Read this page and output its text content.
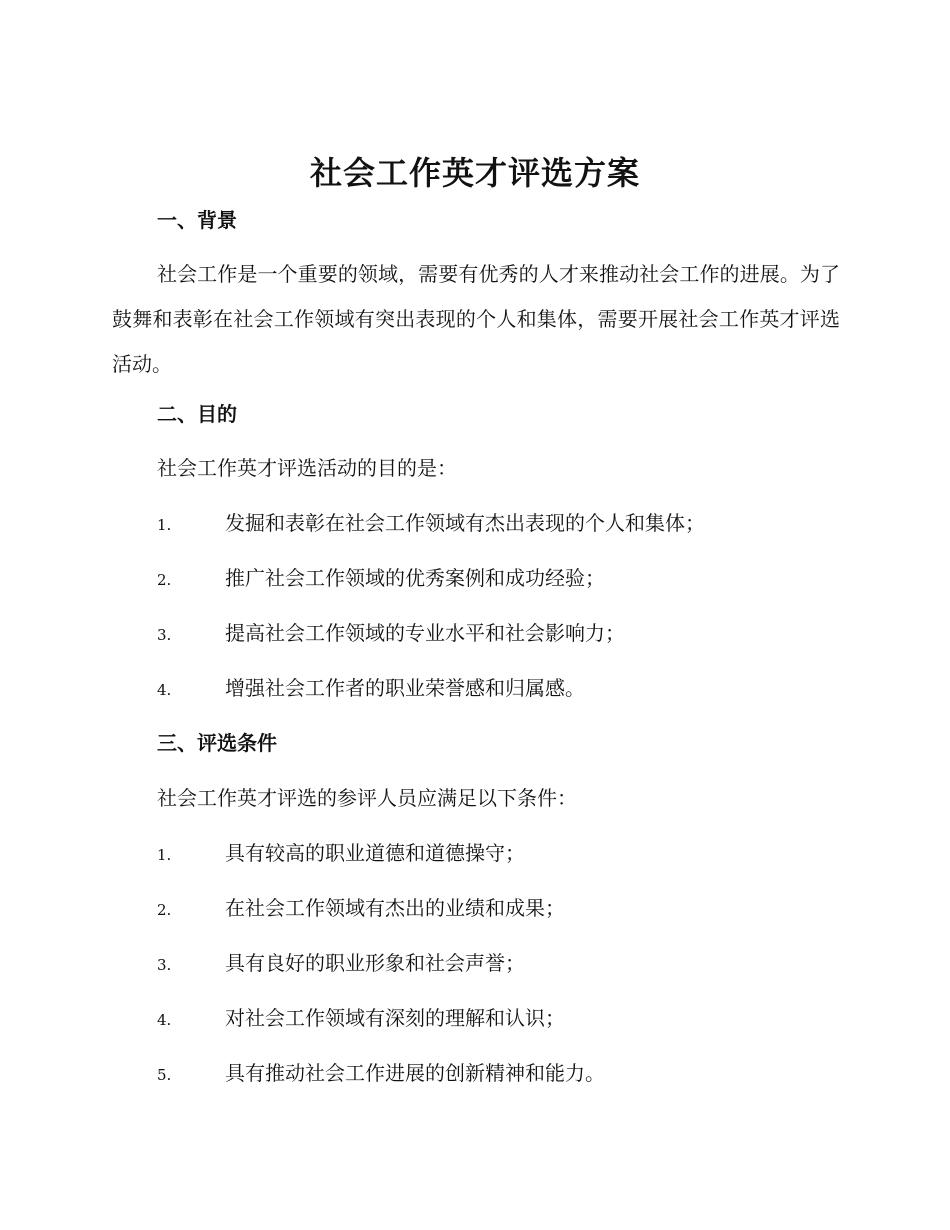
社会工作英才评选方案
一、背景

社会工作是一个重要的领域，需要有优秀的人才来推动社会工作的进展。为了鼓舞和表彰在社会工作领域有突出表现的个人和集体，需要开展社会工作英才评选活动。

二、目的

社会工作英才评选活动的目的是：

1.	发掘和表彰在社会工作领域有杰出表现的个人和集体；
2.	推广社会工作领域的优秀案例和成功经验；
3.	提高社会工作领域的专业水平和社会影响力；
4.	增强社会工作者的职业荣誉感和归属感。
三、评选条件

社会工作英才评选的参评人员应满足以下条件：

1.	具有较高的职业道德和道德操守；
2.	在社会工作领域有杰出的业绩和成果；
3.	具有良好的职业形象和社会声誉；
4.	对社会工作领域有深刻的理解和认识；
5.	具有推动社会工作进展的创新精神和能力。
